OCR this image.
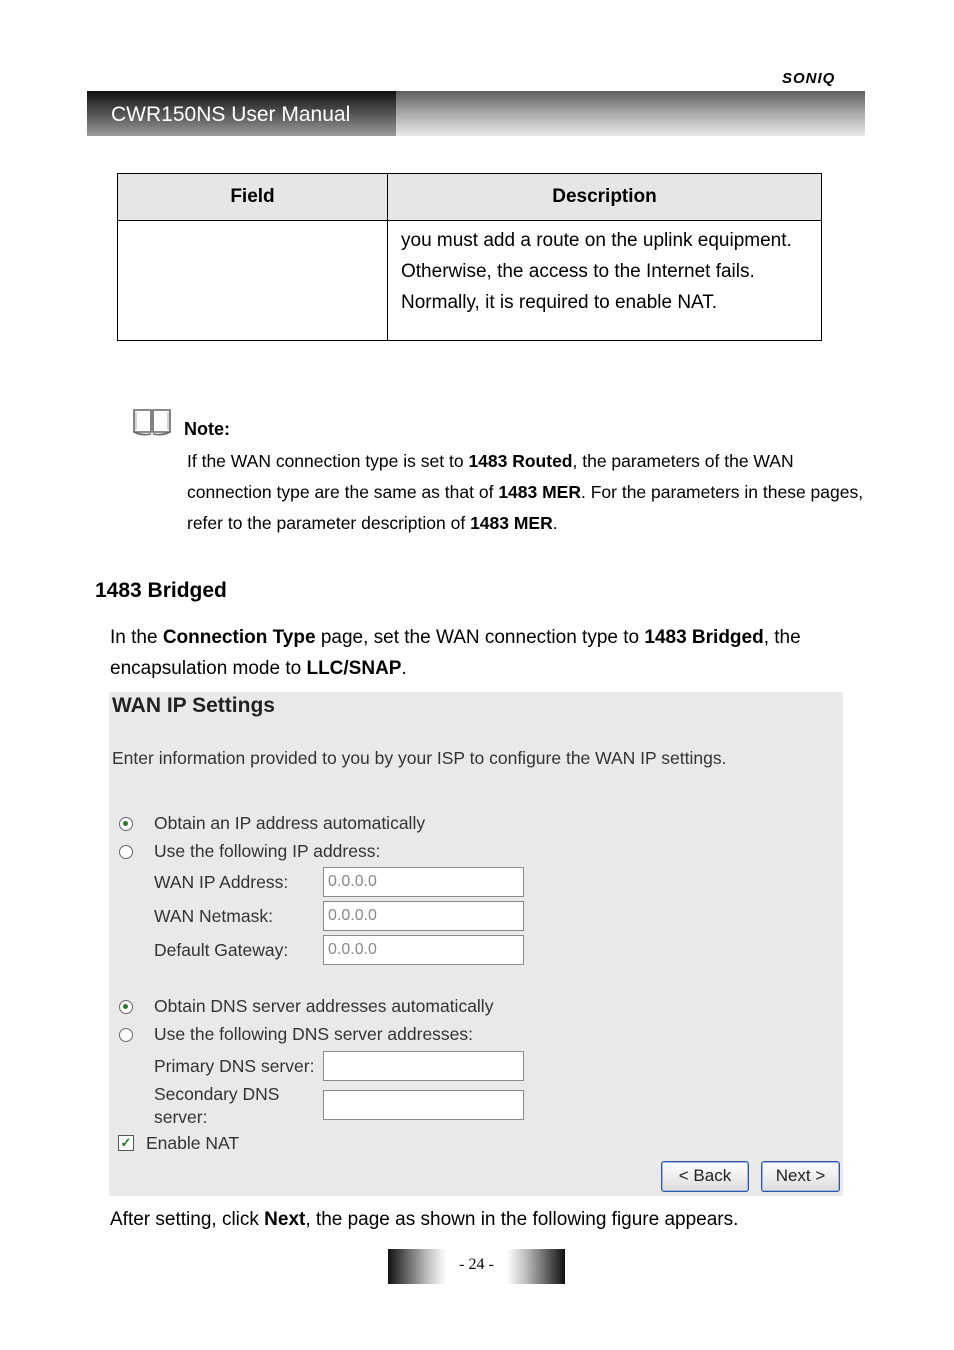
SONIQ
CWR150NS User Manual
Field	Description
	you must add a route on the uplink equipment. Otherwise, the access to the Internet fails. Normally, it is required to enable NAT.
Note:
If the WAN connection type is set to 1483 Routed, the parameters of the WAN connection type are the same as that of 1483 MER. For the parameters in these pages, refer to the parameter description of 1483 MER.
1483 Bridged
In the Connection Type page, set the WAN connection type to 1483 Bridged, the encapsulation mode to LLC/SNAP.
WAN IP Settings
Enter information provided to you by your ISP to configure the WAN IP settings.
Obtain an IP address automatically
Use the following IP address:
WAN IP Address:
0.0.0.0
WAN Netmask:
0.0.0.0
Default Gateway:
0.0.0.0
Obtain DNS server addresses automatically
Use the following DNS server addresses:
Primary DNS server:
Secondary DNS
server:
✓ Enable NAT
< Back	Next >
After setting, click Next, the page as shown in the following figure appears.
- 24 -
